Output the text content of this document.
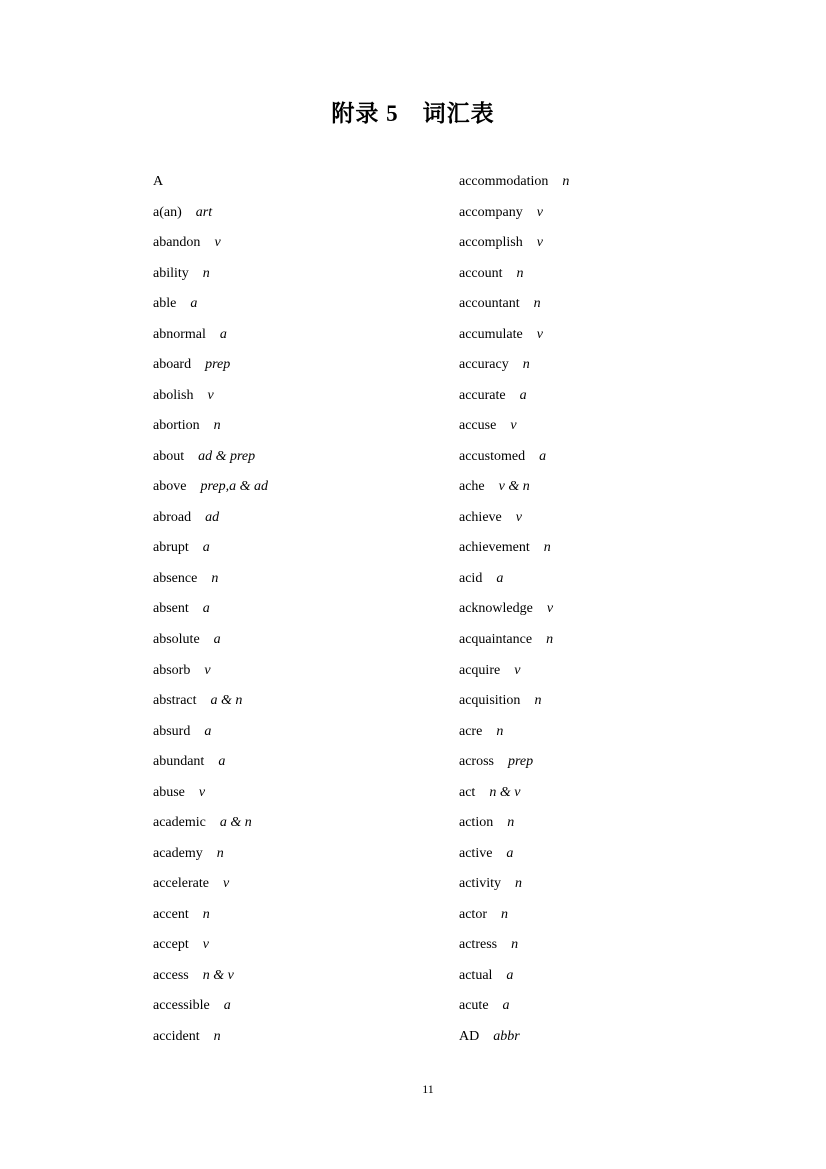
附录 5　词汇表
A
a(an) art
abandon v
ability n
able a
abnormal a
aboard prep
abolish v
abortion n
about ad & prep
above prep,a & ad
abroad ad
abrupt a
absence n
absent a
absolute a
absorb v
abstract a & n
absurd a
abundant a
abuse v
academic a & n
academy n
accelerate v
accent n
accept v
access n & v
accessible a
accident n
accommodation n
accompany v
accomplish v
account n
accountant n
accumulate v
accuracy n
accurate a
accuse v
accustomed a
ache v & n
achieve v
achievement n
acid a
acknowledge v
acquaintance n
acquire v
acquisition n
acre n
across prep
act n & v
action n
active a
activity n
actor n
actress n
actual a
acute a
AD abbr
11
